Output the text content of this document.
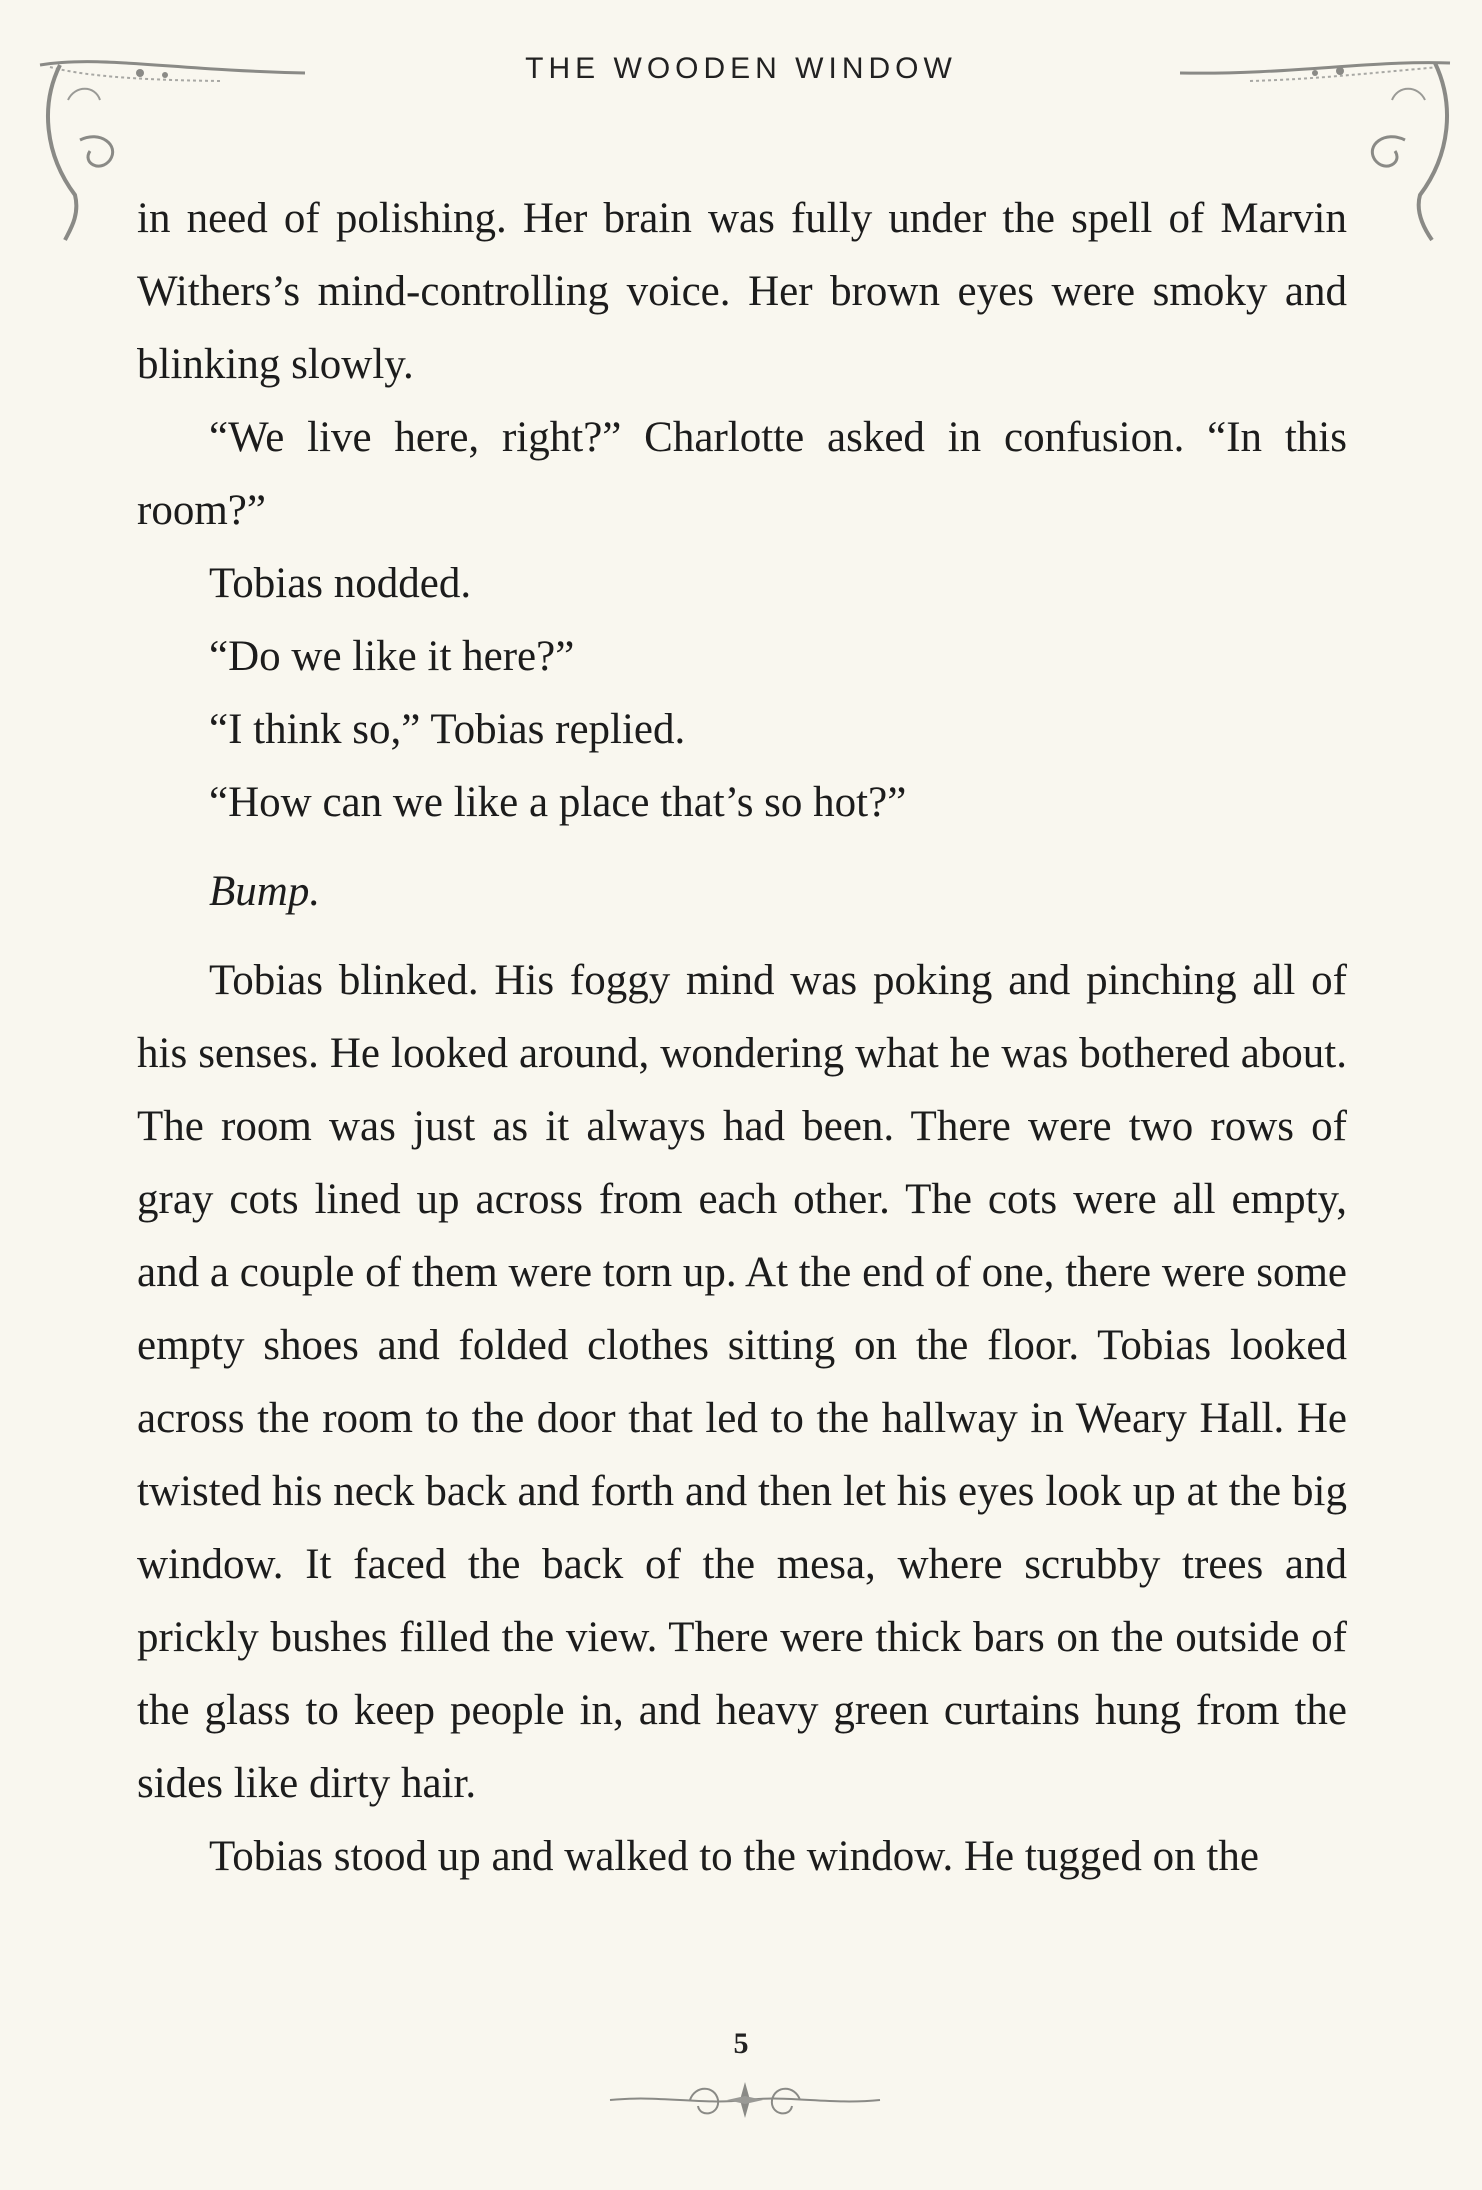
THE WOODEN WINDOW

in need of polishing. Her brain was fully under the spell of Marvin Withers’s mind-controlling voice. Her brown eyes were smoky and blinking slowly.

“We live here, right?” Charlotte asked in confusion. “In this room?”

Tobias nodded.

“Do we like it here?”

“I think so,” Tobias replied.

“How can we like a place that’s so hot?”

Bump.

Tobias blinked. His foggy mind was poking and pinching all of his senses. He looked around, wondering what he was bothered about. The room was just as it always had been. There were two rows of gray cots lined up across from each other. The cots were all empty, and a couple of them were torn up. At the end of one, there were some empty shoes and folded clothes sitting on the floor. Tobias looked across the room to the door that led to the hallway in Weary Hall. He twisted his neck back and forth and then let his eyes look up at the big window. It faced the back of the mesa, where scrubby trees and prickly bushes filled the view. There were thick bars on the outside of the glass to keep people in, and heavy green curtains hung from the sides like dirty hair.

Tobias stood up and walked to the window. He tugged on the

5
